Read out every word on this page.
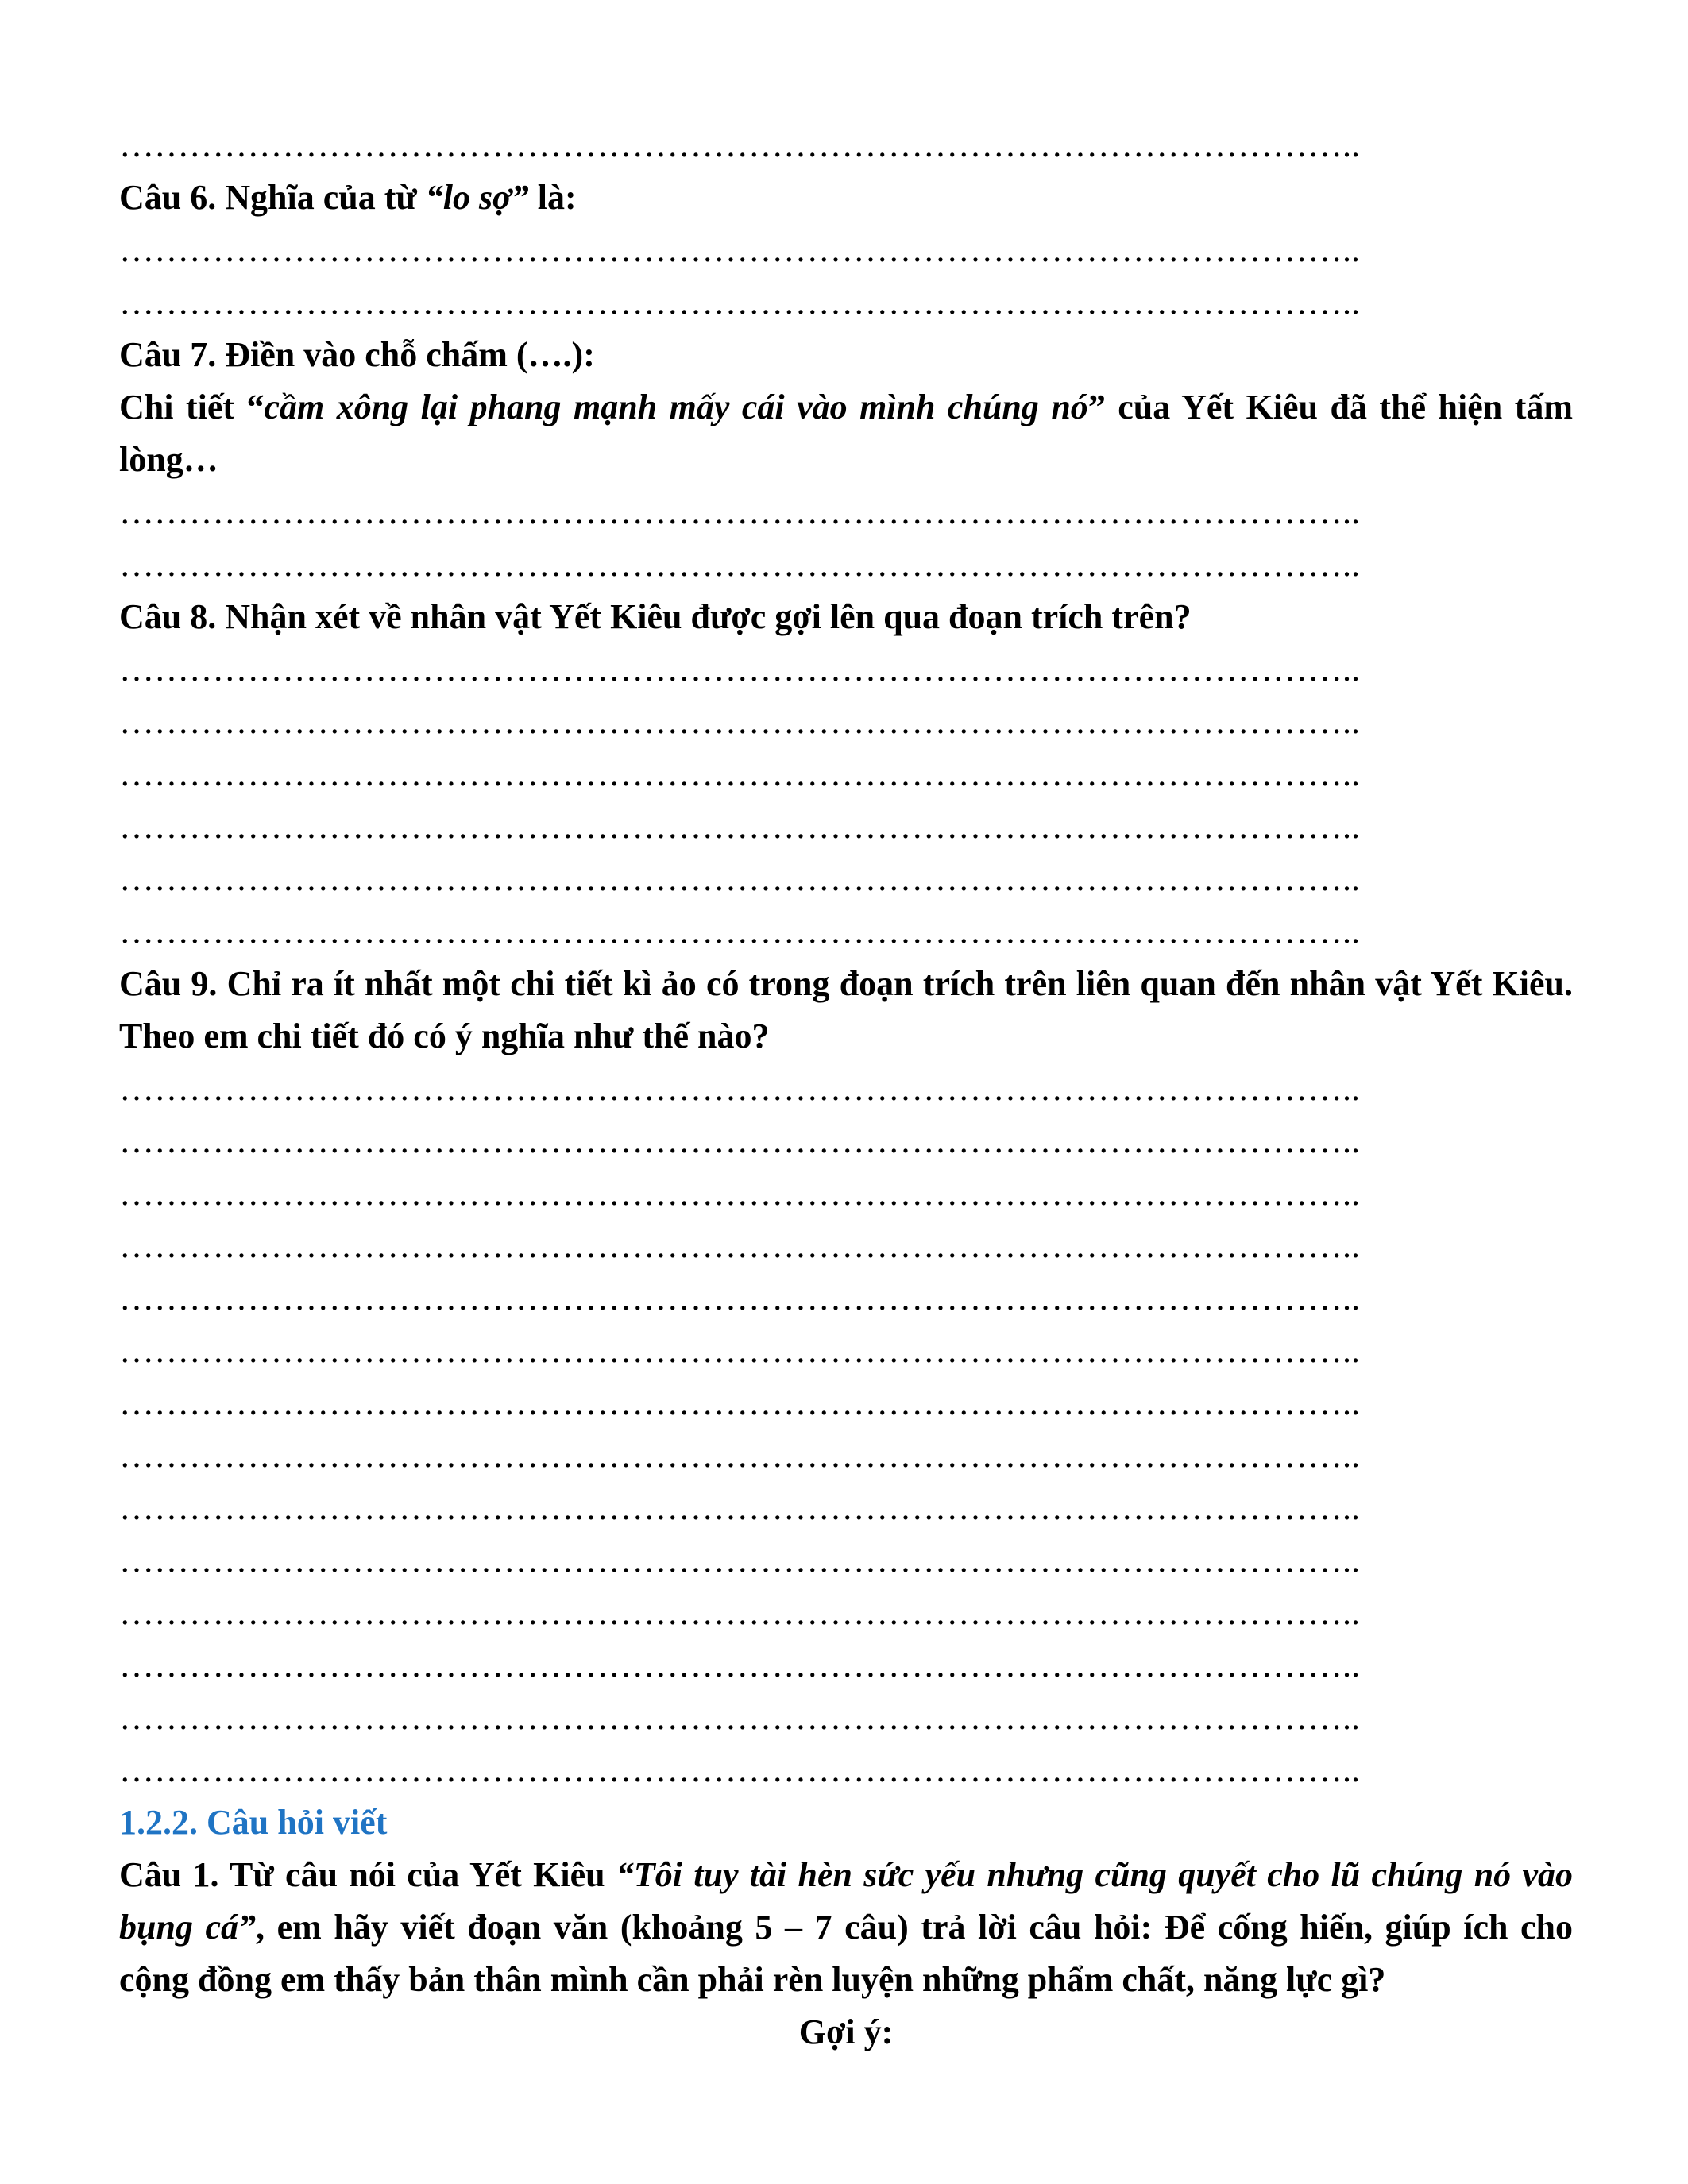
……………………………………………………………………………………………..
Câu 6. Nghĩa của từ “lo sợ” là:
……………………………………………………………………………………………..
……………………………………………………………………………………………..
Câu 7. Điền vào chỗ chấm (….):
Chi tiết “cầm xông lại phang mạnh mấy cái vào mình chúng nó” của Yết Kiêu đã thể hiện tấm lòng…
……………………………………………………………………………………………..
……………………………………………………………………………………………..
Câu 8. Nhận xét về nhân vật Yết Kiêu được gợi lên qua đoạn trích trên?
……………………………………………………………………………………………..
……………………………………………………………………………………………..
……………………………………………………………………………………………..
……………………………………………………………………………………………..
……………………………………………………………………………………………..
……………………………………………………………………………………………..
Câu 9. Chỉ ra ít nhất một chi tiết kì ảo có trong đoạn trích trên liên quan đến nhân vật Yết Kiêu. Theo em chi tiết đó có ý nghĩa như thế nào?
……………………………………………………………………………………………..
……………………………………………………………………………………………..
……………………………………………………………………………………………..
……………………………………………………………………………………………..
……………………………………………………………………………………………..
……………………………………………………………………………………………..
……………………………………………………………………………………………..
……………………………………………………………………………………………..
……………………………………………………………………………………………..
……………………………………………………………………………………………..
……………………………………………………………………………………………..
……………………………………………………………………………………………..
……………………………………………………………………………………………..
……………………………………………………………………………………………..
1.2.2. Câu hỏi viết
Câu 1. Từ câu nói của Yết Kiêu “Tôi tuy tài hèn sức yếu nhưng cũng quyết cho lũ chúng nó vào bụng cá”, em hãy viết đoạn văn (khoảng 5 – 7 câu) trả lời câu hỏi: Để cống hiến, giúp ích cho cộng đồng em thấy bản thân mình cần phải rèn luyện những phẩm chất, năng lực gì?
Gợi ý:
